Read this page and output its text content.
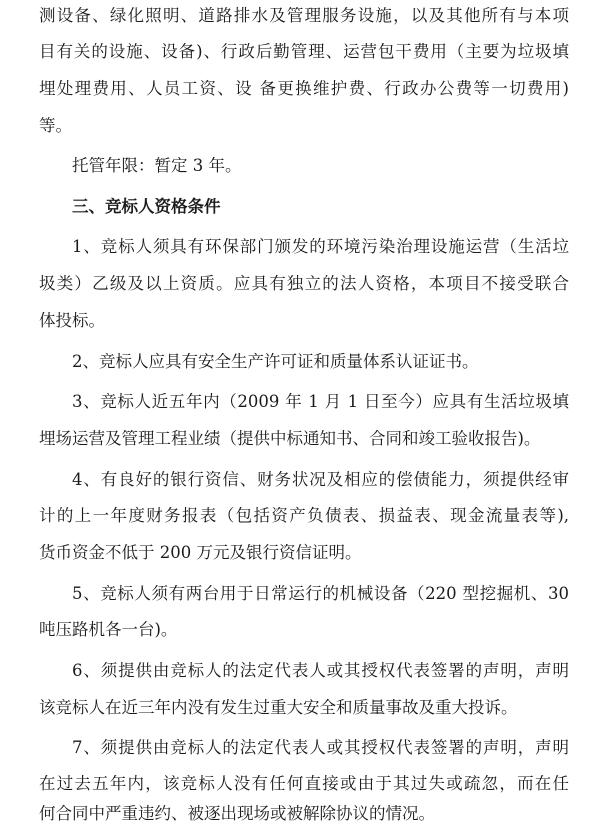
测设备、绿化照明、道路排水及管理服务设施，以及其他所有与本项
目有关的设施、设备)、行政后勤管理、运营包干费用（主要为垃圾填
埋处理费用、人员工资、设 备更换维护费、行政办公费等一切费用)
等。
托管年限：暂定 3 年。
三、竞标人资格条件
1、竞标人须具有环保部门颁发的环境污染治理设施运营（生活垃
圾类）乙级及以上资质。应具有独立的法人资格，本项目不接受联合
体投标。
2、竞标人应具有安全生产许可证和质量体系认证证书。
3、竞标人近五年内（2009 年 1 月 1 日至今）应具有生活垃圾填
埋场运营及管理工程业绩（提供中标通知书、合同和竣工验收报告)。
4、有良好的银行资信、财务状况及相应的偿债能力，须提供经审
计的上一年度财务报表（包括资产负债表、损益表、现金流量表等),
货币资金不低于 200 万元及银行资信证明。
5、竞标人须有两台用于日常运行的机械设备（220 型挖掘机、30
吨压路机各一台)。
6、须提供由竞标人的法定代表人或其授权代表签署的声明，声明
该竞标人在近三年内没有发生过重大安全和质量事故及重大投诉。
7、须提供由竞标人的法定代表人或其授权代表签署的声明，声明
在过去五年内，该竞标人没有任何直接或由于其过失或疏忽，而在任
何合同中严重违约、被逐出现场或被解除协议的情况。
